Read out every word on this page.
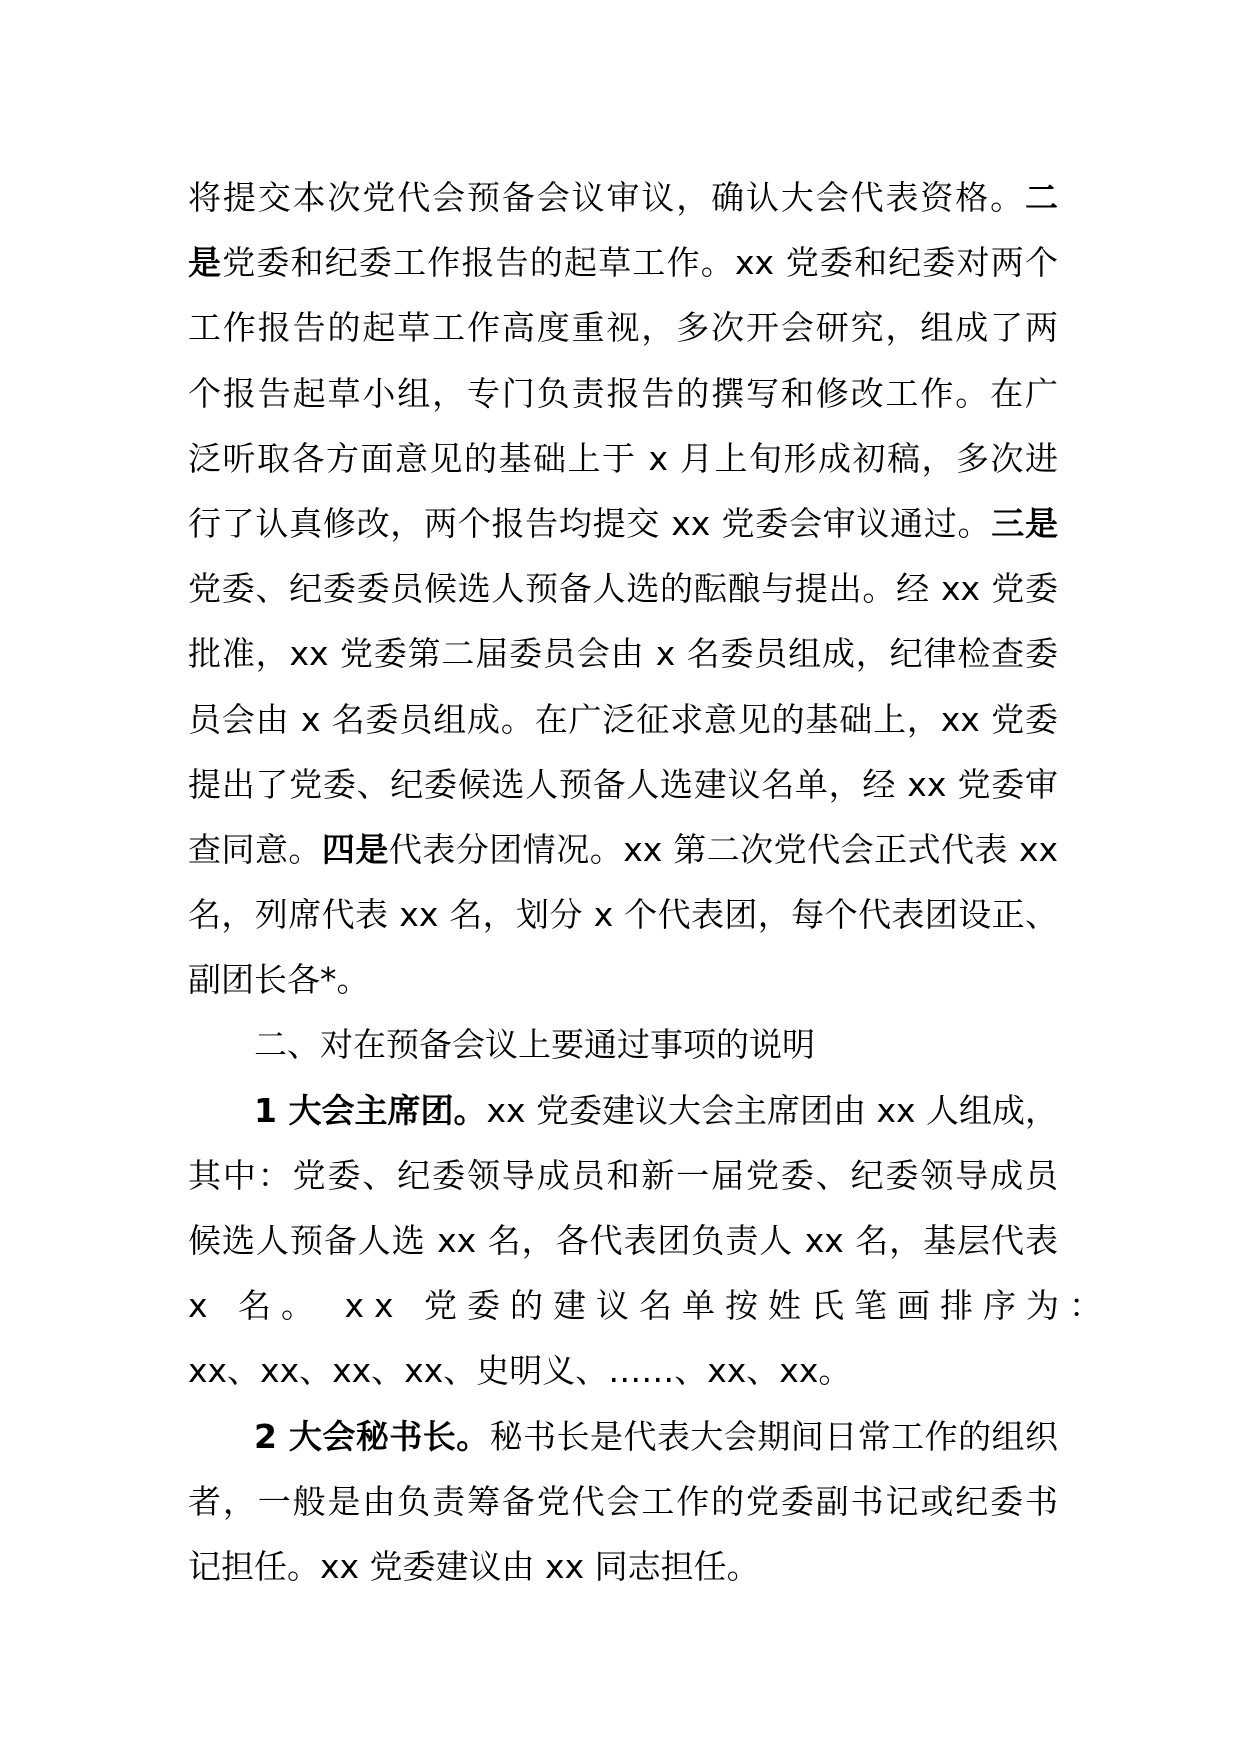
将提交本次党代会预备会议审议，确认大会代表资格。二
是党委和纪委工作报告的起草工作。xx 党委和纪委对两个
工作报告的起草工作高度重视，多次开会研究，组成了两
个报告起草小组，专门负责报告的撰写和修改工作。在广
泛听取各方面意见的基础上于 x 月上旬形成初稿，多次进
行了认真修改，两个报告均提交 xx 党委会审议通过。三是
党委、纪委委员候选人预备人选的酝酿与提出。经 xx 党委
批准，xx 党委第二届委员会由 x 名委员组成，纪律检查委
员会由 x 名委员组成。在广泛征求意见的基础上，xx 党委
提出了党委、纪委候选人预备人选建议名单，经 xx 党委审
查同意。四是代表分团情况。xx 第二次党代会正式代表 xx
名，列席代表 xx 名，划分 x 个代表团，每个代表团设正、
副团长各*。
二、对在预备会议上要通过事项的说明
1 大会主席团。xx 党委建议大会主席团由 xx 人组成，
其中：党委、纪委领导成员和新一届党委、纪委领导成员
候选人预备人选 xx 名，各代表团负责人 xx 名，基层代表
x 名。 xx 党委的建议名单按姓氏笔画排序为：
xx、xx、xx、xx、史明义、……、xx、xx。
2 大会秘书长。秘书长是代表大会期间日常工作的组织
者，一般是由负责筹备党代会工作的党委副书记或纪委书
记担任。xx 党委建议由 xx 同志担任。
